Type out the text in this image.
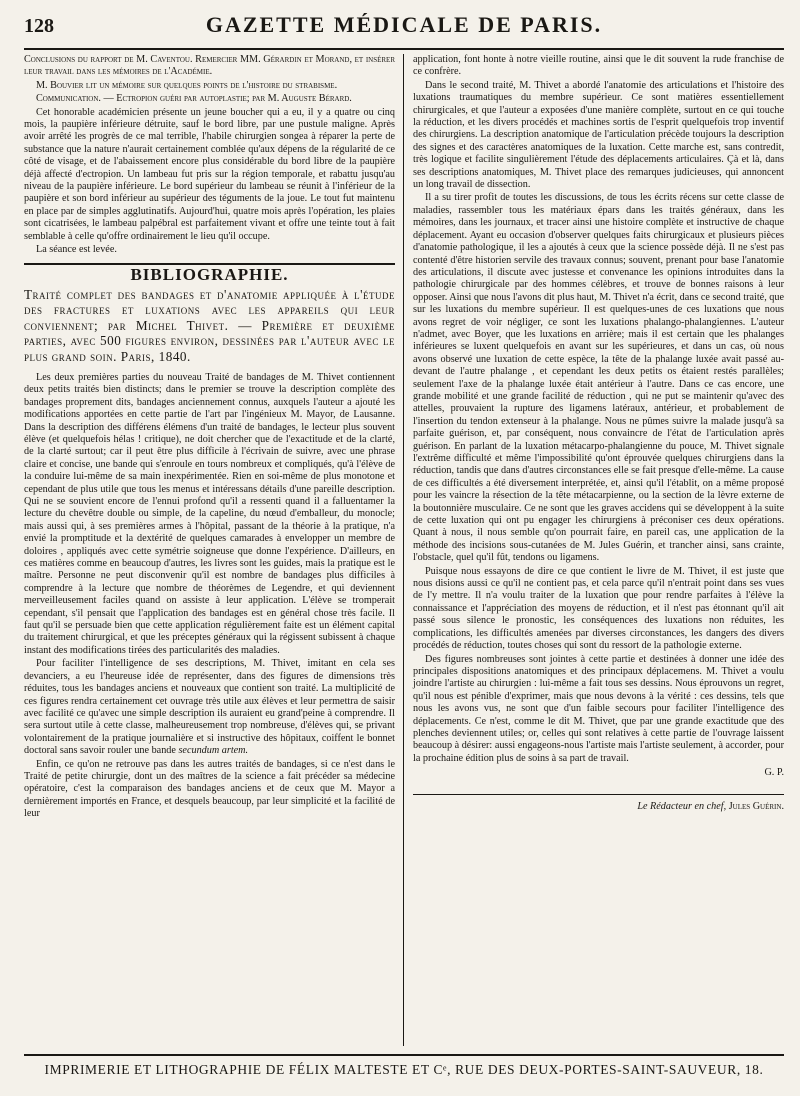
128	GAZETTE MÉDICALE DE PARIS.

Conclusions du rapport de M. Caventou. Remercier MM. Gérardin et Morand, et insérer leur travail dans les mémoires de l'Académie.

M. Bouvier lit un mémoire sur quelques points de l'histoire du strabisme.

Communication. — Ectropion guéri par autoplastie; par M. Auguste Bérard.

Cet honorable académicien présente un jeune boucher qui a eu, il y a quatre ou cinq mois, la paupière inférieure détruite, sauf le bord libre, par une pustule maligne. Après avoir arrêté les progrès de ce mal terrible, l'habile chirurgien songea à réparer la perte de substance que la nature n'aurait certainement comblée qu'aux dépens de la régularité de ce côté de visage, et de l'abaissement encore plus considérable du bord libre de la paupière déjà affecté d'ectropion. Un lambeau fut pris sur la région temporale, et rabattu jusqu'au niveau de la paupière inférieure. Le bord supérieur du lambeau se réunit à l'inférieur de la paupière et son bord inférieur au supérieur des téguments de la joue. Le tout fut maintenu en place par de simples agglutinatifs. Aujourd'hui, quatre mois après l'opération, les plaies sont cicatrisées, le lambeau palpébral est parfaitement vivant et offre une teinte tout à fait semblable à celle qu'offre ordinairement le lieu qu'il occupe.

La séance est levée.

BIBLIOGRAPHIE.
Traité complet des bandages et d'anatomie appliquée à l'étude des fractures et luxations avec les appareils qui leur conviennent; par Michel Thivet. — Première et deuxième parties, avec 500 figures environ, dessinées par l'auteur avec le plus grand soin. Paris, 1840.

Les deux premières parties du nouveau Traité de bandages de M. Thivet contiennent deux petits traités bien distincts; dans le premier se trouve la description complète des bandages proprement dits, bandages anciennement connus, auxquels l'auteur a ajouté les modifications apportées en cette partie de l'art par l'ingénieux M. Mayor, de Lausanne. Dans la description des différens élémens d'un traité de bandages, le lecteur plus souvent élève (et quelquefois hélas ! critique), ne doit chercher que de l'exactitude et de la clarté, de la clarté surtout; car il peut être plus difficile à l'écrivain de suivre, avec une phrase claire et concise, une bande qui s'enroule en tours nombreux et compliqués, qu'à l'élève de la conduire lui-même de sa main inexpérimentée. Rien en soi-même de plus monotone et cependant de plus utile que tous les menus et intéressans détails d'une pareille description. Qui ne se souvient encore de l'ennui profond qu'il a ressenti quand il a falluentamer la lecture du chevêtre double ou simple, de la capeline, du nœud d'emballeur, du monocle; mais aussi qui, à ses premières armes à l'hôpital, passant de la théorie à la pratique, n'a envié la promptitude et la dextérité de quelques camarades à envelopper un membre de doloires , appliqués avec cette symétrie soigneuse que donne l'expérience. D'ailleurs, en ces matières comme en beaucoup d'autres, les livres sont les guides, mais la pratique est le maître. Personne ne peut disconvenir qu'il est nombre de bandages plus difficiles à comprendre à la lecture que nombre de théorèmes de Legendre, et qui deviennent merveilleusement faciles quand on assiste à leur application. L'élève se tromperait cependant, s'il pensait que l'application des bandages est en général chose très facile. Il faut qu'il se persuade bien que cette application régulièrement faite est un élément capital du traitement chirurgical, et que les préceptes généraux qui la régissent subissent à chaque instant des modifications tirées des particularités des maladies.

Pour faciliter l'intelligence de ses descriptions, M. Thivet, imitant en cela ses devanciers, a eu l'heureuse idée de représenter, dans des figures de dimensions très réduites, tous les bandages anciens et nouveaux que contient son traité. La multiplicité de ces figures rendra certainement cet ouvrage très utile aux élèves et leur permettra de saisir avec facilité ce qu'avec une simple description ils auraient eu grand'peine à comprendre. Il sera surtout utile à cette classe, malheureusement trop nombreuse, d'élèves qui, se privant volontairement de la pratique journalière et si instructive des hôpitaux, coiffent le bonnet doctoral sans savoir rouler une bande secundum artem.

Enfin, ce qu'on ne retrouve pas dans les autres traités de bandages, si ce n'est dans le Traité de petite chirurgie, dont un des maîtres de la science a fait précéder sa médecine opératoire, c'est la comparaison des bandages anciens et de ceux que M. Mayor a dernièrement importés en France, et desquels beaucoup, par leur simplicité et la facilité de leur

application, font honte à notre vieille routine, ainsi que le dit souvent la rude franchise de ce confrère.

Dans le second traité, M. Thivet a abordé l'anatomie des articulations et l'histoire des luxations traumatiques du membre supérieur. Ce sont matières essentiellement chirurgicales, et que l'auteur a exposées d'une manière complète, surtout en ce qui touche la réduction, et les divers procédés et machines sortis de l'esprit quelquefois trop inventif des chirurgiens. La description anatomique de l'articulation précède toujours la description des signes et des caractères anatomiques de la luxation. Cette marche est, sans contredit, très logique et facilite singulièrement l'étude des déplacements articulaires. Çà et là, dans ses descriptions anatomiques, M. Thivet place des remarques judicieuses, qui annoncent un long travail de dissection.

Il a su tirer profit de toutes les discussions, de tous les écrits récens sur cette classe de maladies, rassembler tous les matériaux épars dans les traités généraux, dans les mémoires, dans les journaux, et tracer ainsi une histoire complète et instructive de chaque déplacement. Ayant eu occasion d'observer quelques faits chirurgicaux et plusieurs pièces d'anatomie pathologique, il les a ajoutés à ceux que la science possède déjà. Il ne s'est pas contenté d'être historien servile des travaux connus; souvent, prenant pour base l'anatomie des articulations, il discute avec justesse et convenance les opinions introduites dans la pathologie chirurgicale par des hommes célèbres, et trouve de bonnes raisons à leur opposer. Ainsi que nous l'avons dit plus haut, M. Thivet n'a écrit, dans ce second traité, que sur les luxations du membre supérieur. Il est quelques-unes de ces luxations que nous avons regret de voir négliger, ce sont les luxations phalango-phalangiennes. L'auteur n'admet, avec Boyer, que les luxations en arrière; mais il est certain que les phalanges inférieures se luxent quelquefois en avant sur les supérieures, et dans un cas, où nous avons observé une luxation de cette espèce, la tête de la phalange luxée avait passé au-devant de l'autre phalange , et cependant les deux petits os étaient restés parallèles; seulement l'axe de la phalange luxée était antérieur à l'autre. Dans ce cas encore, une grande mobilité et une grande facilité de réduction , qui ne put se maintenir qu'avec des attelles, prouvaient la rupture des ligamens latéraux, antérieur, et probablement de l'insertion du tendon extenseur à la phalange. Nous ne pûmes suivre la malade jusqu'à sa parfaite guérison, et, par conséquent, nous convaincre de l'état de l'articulation après guérison. En parlant de la luxation métacarpo-phalangienne du pouce, M. Thivet signale l'extrême difficulté et même l'impossibilité qu'ont éprouvée quelques chirurgiens dans la réduction, tandis que dans d'autres circonstances elle se fait presque d'elle-même. La cause de ces difficultés a été diversement interprétée, et, ainsi qu'il l'établit, on a même proposé pour les vaincre la résection de la tête métacarpienne, ou la section de la lèvre externe de la boutonnière musculaire. Ce ne sont que les graves accidens qui se développent à la suite de cette luxation qui ont pu engager les chirurgiens à préconiser ces deux opérations. Quant à nous, il nous semble qu'on pourrait faire, en pareil cas, une application de la méthode des incisions sous-cutanées de M. Jules Guérin, et trancher ainsi, sans crainte, l'obstacle, quel qu'il fût, tendons ou ligamens.

Puisque nous essayons de dire ce que contient le livre de M. Thivet, il est juste que nous disions aussi ce qu'il ne contient pas, et cela parce qu'il n'entrait point dans ses vues de l'y mettre. Il n'a voulu traiter de la luxation que pour rendre parfaites à l'élève la connaissance et l'appréciation des moyens de réduction, et il n'est pas étonnant qu'il ait passé sous silence le pronostic, les conséquences des luxations non réduites, les complications, les difficultés amenées par diverses circonstances, les dangers des divers procédés de réduction, toutes choses qui sont du ressort de la pathologie externe.

Des figures nombreuses sont jointes à cette partie et destinées à donner une idée des principales dispositions anatomiques et des principaux déplacemens. M. Thivet a voulu joindre l'artiste au chirurgien : lui-même a fait tous ses dessins. Nous éprouvons un regret, qu'il nous est pénible d'exprimer, mais que nous devons à la vérité : ces dessins, tels que nous les avons vus, ne sont que d'un faible secours pour faciliter l'intelligence des déplacements. Ce n'est, comme le dit M. Thivet, que par une grande exactitude que des plenches deviennent utiles; or, celles qui sont relatives à cette partie de l'ouvrage laissent beaucoup à désirer: aussi engageons-nous l'artiste mais l'artiste seulement, à accorder, pour la prochaine édition plus de soins à sa part de travail.

G. P.
Le Rédacteur en chef, Jules Guérin.
IMPRIMERIE ET LITHOGRAPHIE DE FÉLIX MALTESTE ET Cᵉ, RUE DES DEUX-PORTES-SAINT-SAUVEUR, 18.
